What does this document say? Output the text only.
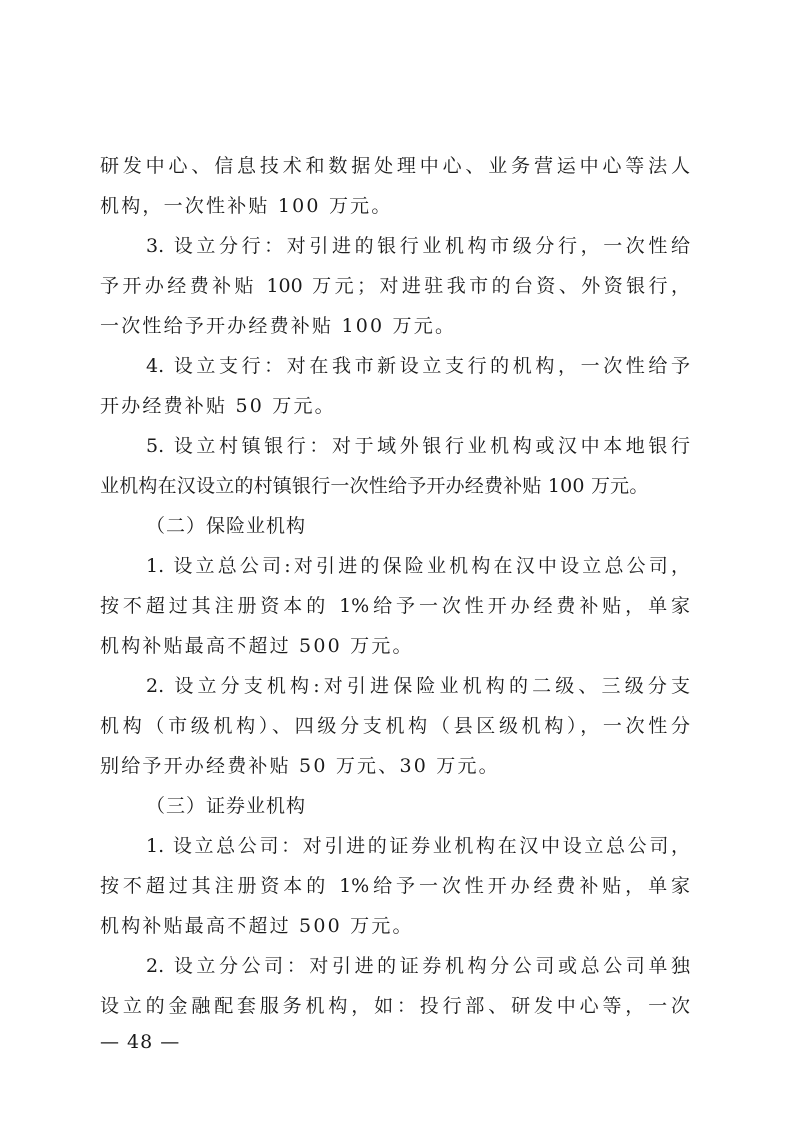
研发中心、信息技术和数据处理中心、业务营运中心等法人
机构，一次性补贴 100 万元。
3. 设立分行：对引进的银行业机构市级分行，一次性给
予开办经费补贴 100 万元；对进驻我市的台资、外资银行，
一次性给予开办经费补贴 100 万元。
4. 设立支行：对在我市新设立支行的机构，一次性给予
开办经费补贴 50 万元。
5. 设立村镇银行：对于域外银行业机构或汉中本地银行
业机构在汉设立的村镇银行一次性给予开办经费补贴 100 万元。
（二）保险业机构
1. 设立总公司:对引进的保险业机构在汉中设立总公司，
按不超过其注册资本的 1%给予一次性开办经费补贴，单家
机构补贴最高不超过 500 万元。
2. 设立分支机构:对引进保险业机构的二级、三级分支
机构（市级机构）、四级分支机构（县区级机构），一次性分
别给予开办经费补贴 50 万元、30 万元。
（三）证券业机构
1. 设立总公司：对引进的证券业机构在汉中设立总公司，
按不超过其注册资本的 1%给予一次性开办经费补贴，单家
机构补贴最高不超过 500 万元。
2. 设立分公司：对引进的证券机构分公司或总公司单独
设立的金融配套服务机构，如：投行部、研发中心等，一次
— 48 —
